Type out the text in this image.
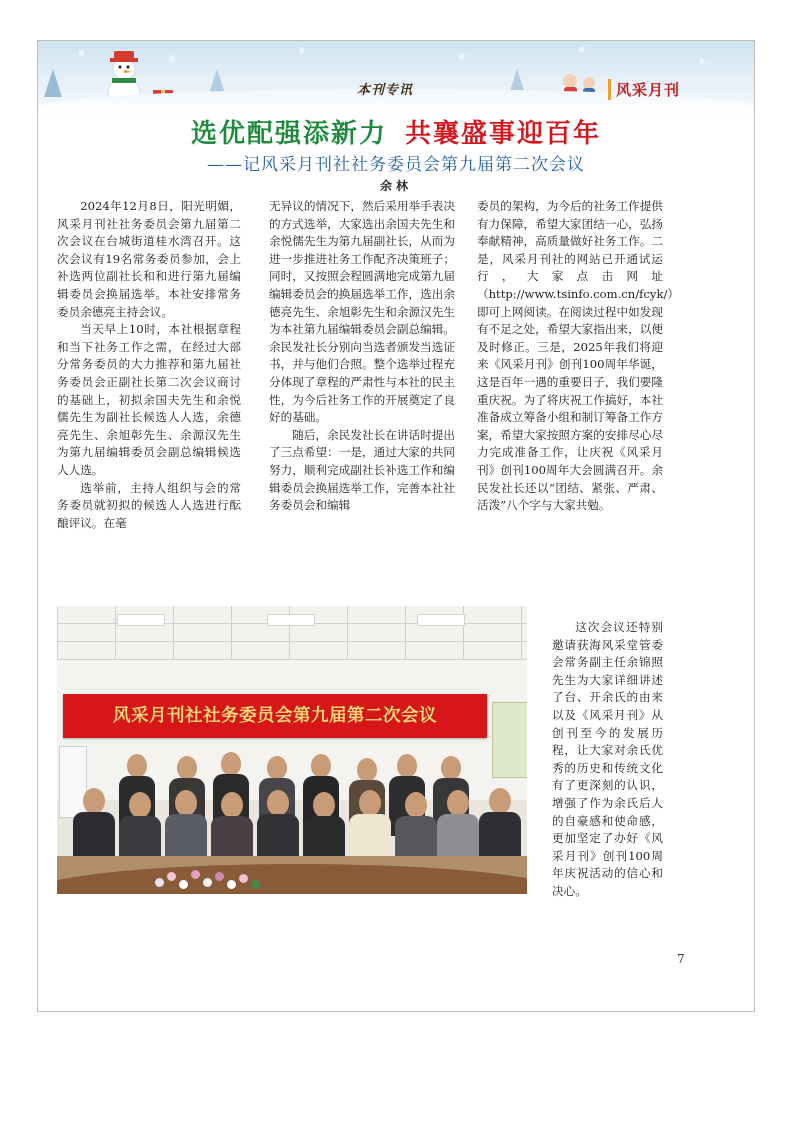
❄
❄
❄
❄
❄
❄
本刊专讯	风采月刊
选优配强添新力 共襄盛事迎百年
——记风采月刊社社务委员会第九届第二次会议
余林

2024年12月8日，阳光明媚，风采月刊社社务委员会第九届第二次会议在台城街道桂水湾召开。这次会议有19名常务委员参加，会上补选两位副社长和和进行第九届编辑委员会换届选举。本社安排常务委员余德亮主持会议。

当天早上10时，本社根据章程和当下社务工作之需，在经过大部分常务委员的大力推荐和第九届社务委员会正副社长第二次会议商讨的基础上，初拟余国夫先生和余悦儒先生为副社长候选人人选，余德亮先生、余旭彰先生、余源汉先生为第九届编辑委员会副总编辑候选人人选。

选举前，主持人组织与会的常务委员就初拟的候选人人选进行酝酿评议。在毫

无异议的情况下，然后采用举手表决的方式选举，大家选出余国夫先生和余悦儒先生为第九届副社长，从而为进一步推进社务工作配齐决策班子；同时，又按照会程圆满地完成第九届编辑委员会的换届选举工作，选出余德亮先生、余旭彰先生和余源汉先生为本社第九届编辑委员会副总编辑。余民发社长分别向当选者颁发当选证书，并与他们合照。整个选举过程充分体现了章程的严肃性与本社的民主性，为今后社务工作的开展奠定了良好的基础。

随后，余民发社长在讲话时提出了三点希望：一是，通过大家的共同努力，顺利完成副社长补选工作和编辑委员会换届选举工作，完善本社社务委员会和编辑

委员的架构，为今后的社务工作提供有力保障，希望大家团结一心，弘扬奉献精神，高质量做好社务工作。二是，风采月刊社的网站已开通试运行，大家点击网址（http://www.tsinfo.com.cn/fcyk/）即可上网阅读。在阅读过程中如发现有不足之处，希望大家指出来，以便及时修正。三是，2025年我们将迎来《风采月刊》创刊100周年华诞，这是百年一遇的重要日子，我们要隆重庆祝。为了将庆祝工作搞好，本社准备成立筹备小组和制订筹备工作方案，希望大家按照方案的安排尽心尽力完成准备工作，让庆祝《风采月刊》创刊100周年大会圆满召开。余民发社长还以“团结、紧张、严肃、活泼”八个字与大家共勉。

这次会议还特别邀请获海风采堂管委会常务副主任余锦照先生为大家详细讲述了台、开余氏的由来以及《风采月刊》从创刊至今的发展历程，让大家对余氏优秀的历史和传统文化有了更深刻的认识，增强了作为余氏后人的自豪感和使命感，更加坚定了办好《风采月刊》创刊100周年庆祝活动的信心和决心。

风采月刊社社务委员会第九届第二次会议
7
